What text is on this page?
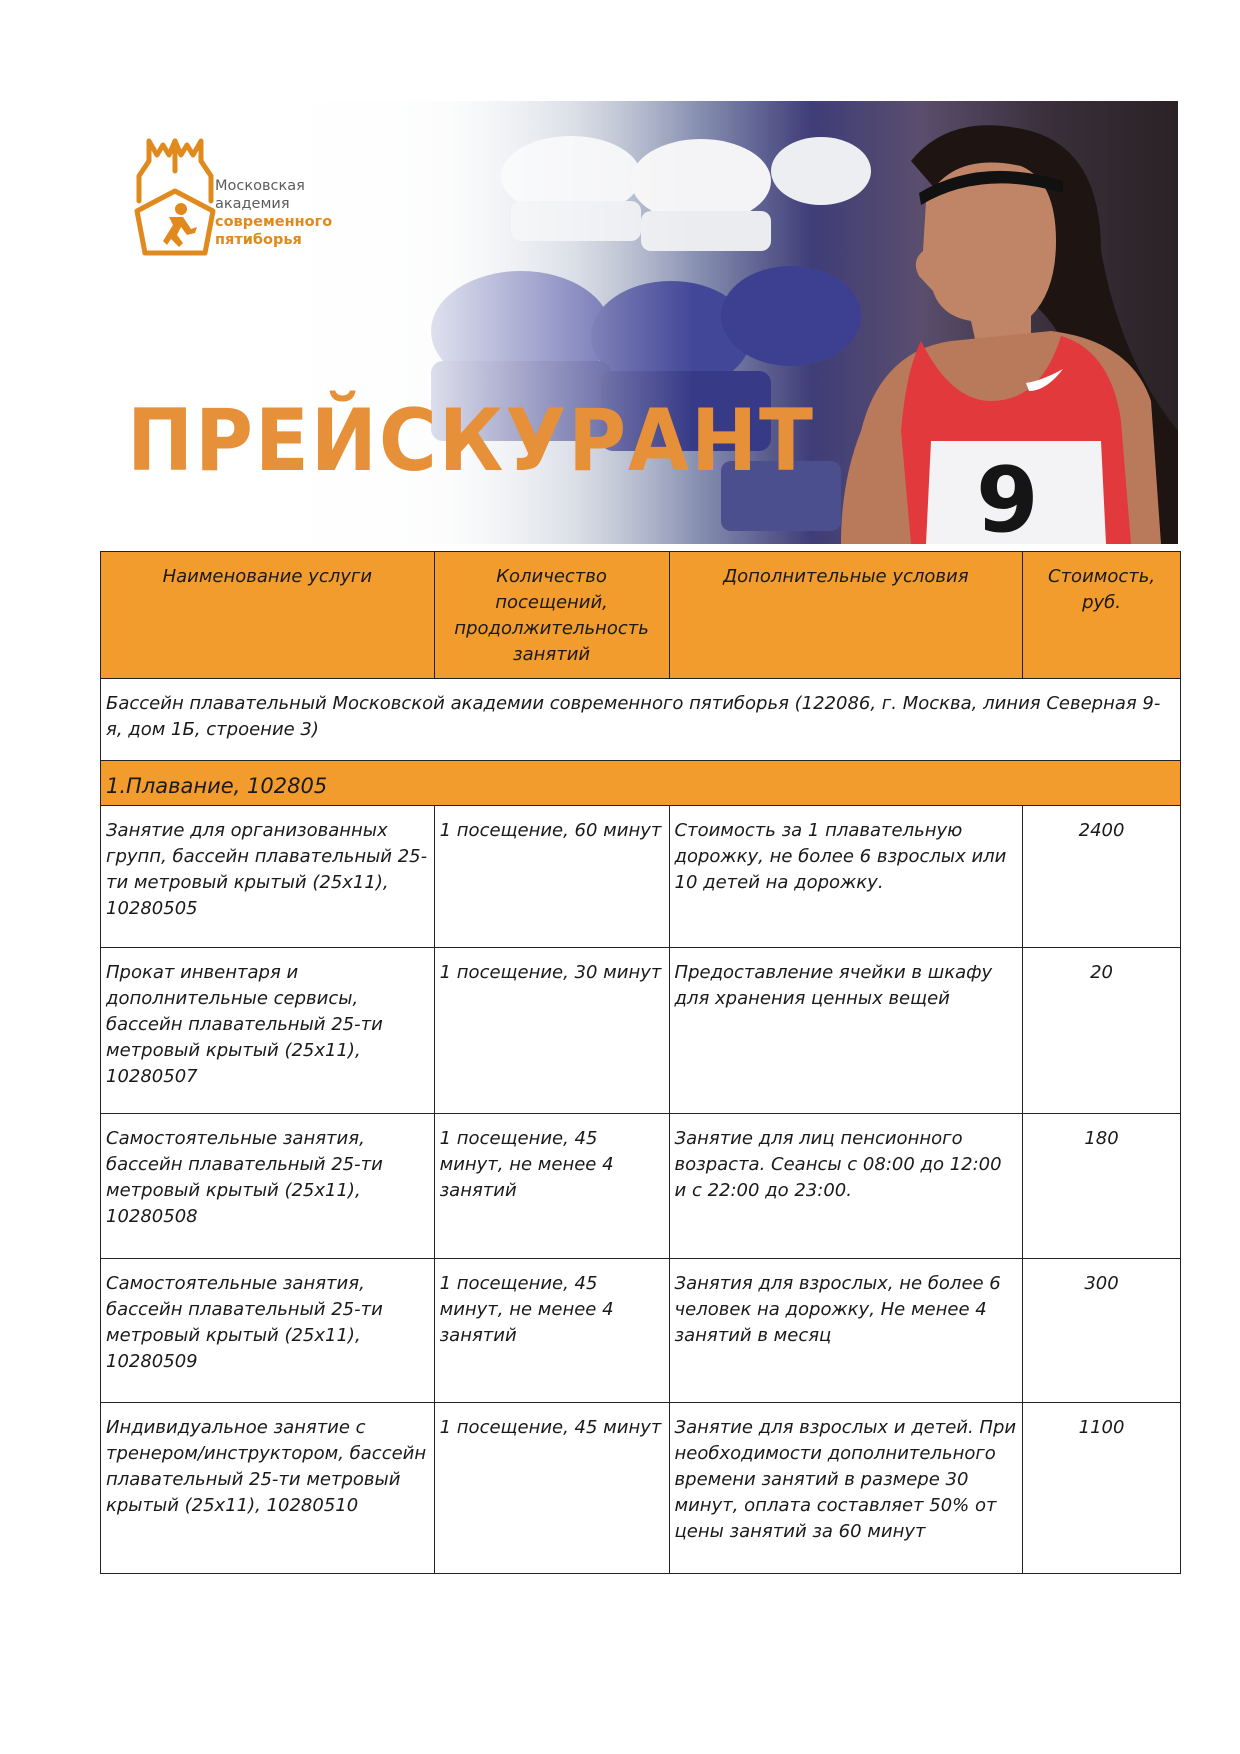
Московская
академия
современного
пятиборья
ПРЕЙСКУРАНТ
9
Наименование услуги	Количество посещений, продолжительность занятий	Дополнительные условия	Стоимость, руб.
Бассейн плавательный Московской академии современного пятиборья (122086, г. Москва, линия Северная 9-я, дом 1Б, строение 3)			
1.Плавание, 102805			
Занятие для организованных групп, бассейн плавательный 25-ти метровый крытый (25х11), 10280505	1 посещение, 60 минут	Стоимость за 1 плавательную дорожку, не более 6 взрослых или 10 детей на дорожку.	2400
Прокат инвентаря и дополнительные сервисы, бассейн плавательный 25-ти метровый крытый (25х11), 10280507	1 посещение, 30 минут	Предоставление ячейки в шкафу для хранения ценных вещей	20
Самостоятельные занятия, бассейн плавательный 25-ти метровый крытый (25х11), 10280508	1 посещение, 45 минут, не менее 4 занятий	Занятие для лиц пенсионного возраста. Сеансы с 08:00 до 12:00 и с 22:00 до 23:00.	180
Самостоятельные занятия, бассейн плавательный 25-ти метровый крытый (25х11), 10280509	1 посещение, 45 минут, не менее 4 занятий	Занятия для взрослых, не более 6 человек на дорожку, Не менее 4 занятий в месяц	300
Индивидуальное занятие с тренером/инструктором, бассейн плавательный 25-ти метровый крытый (25х11), 10280510	1 посещение, 45 минут	Занятие для взрослых и детей. При необходимости дополнительного времени занятий в размере 30 минут, оплата составляет 50% от цены занятий за 60 минут	1100
